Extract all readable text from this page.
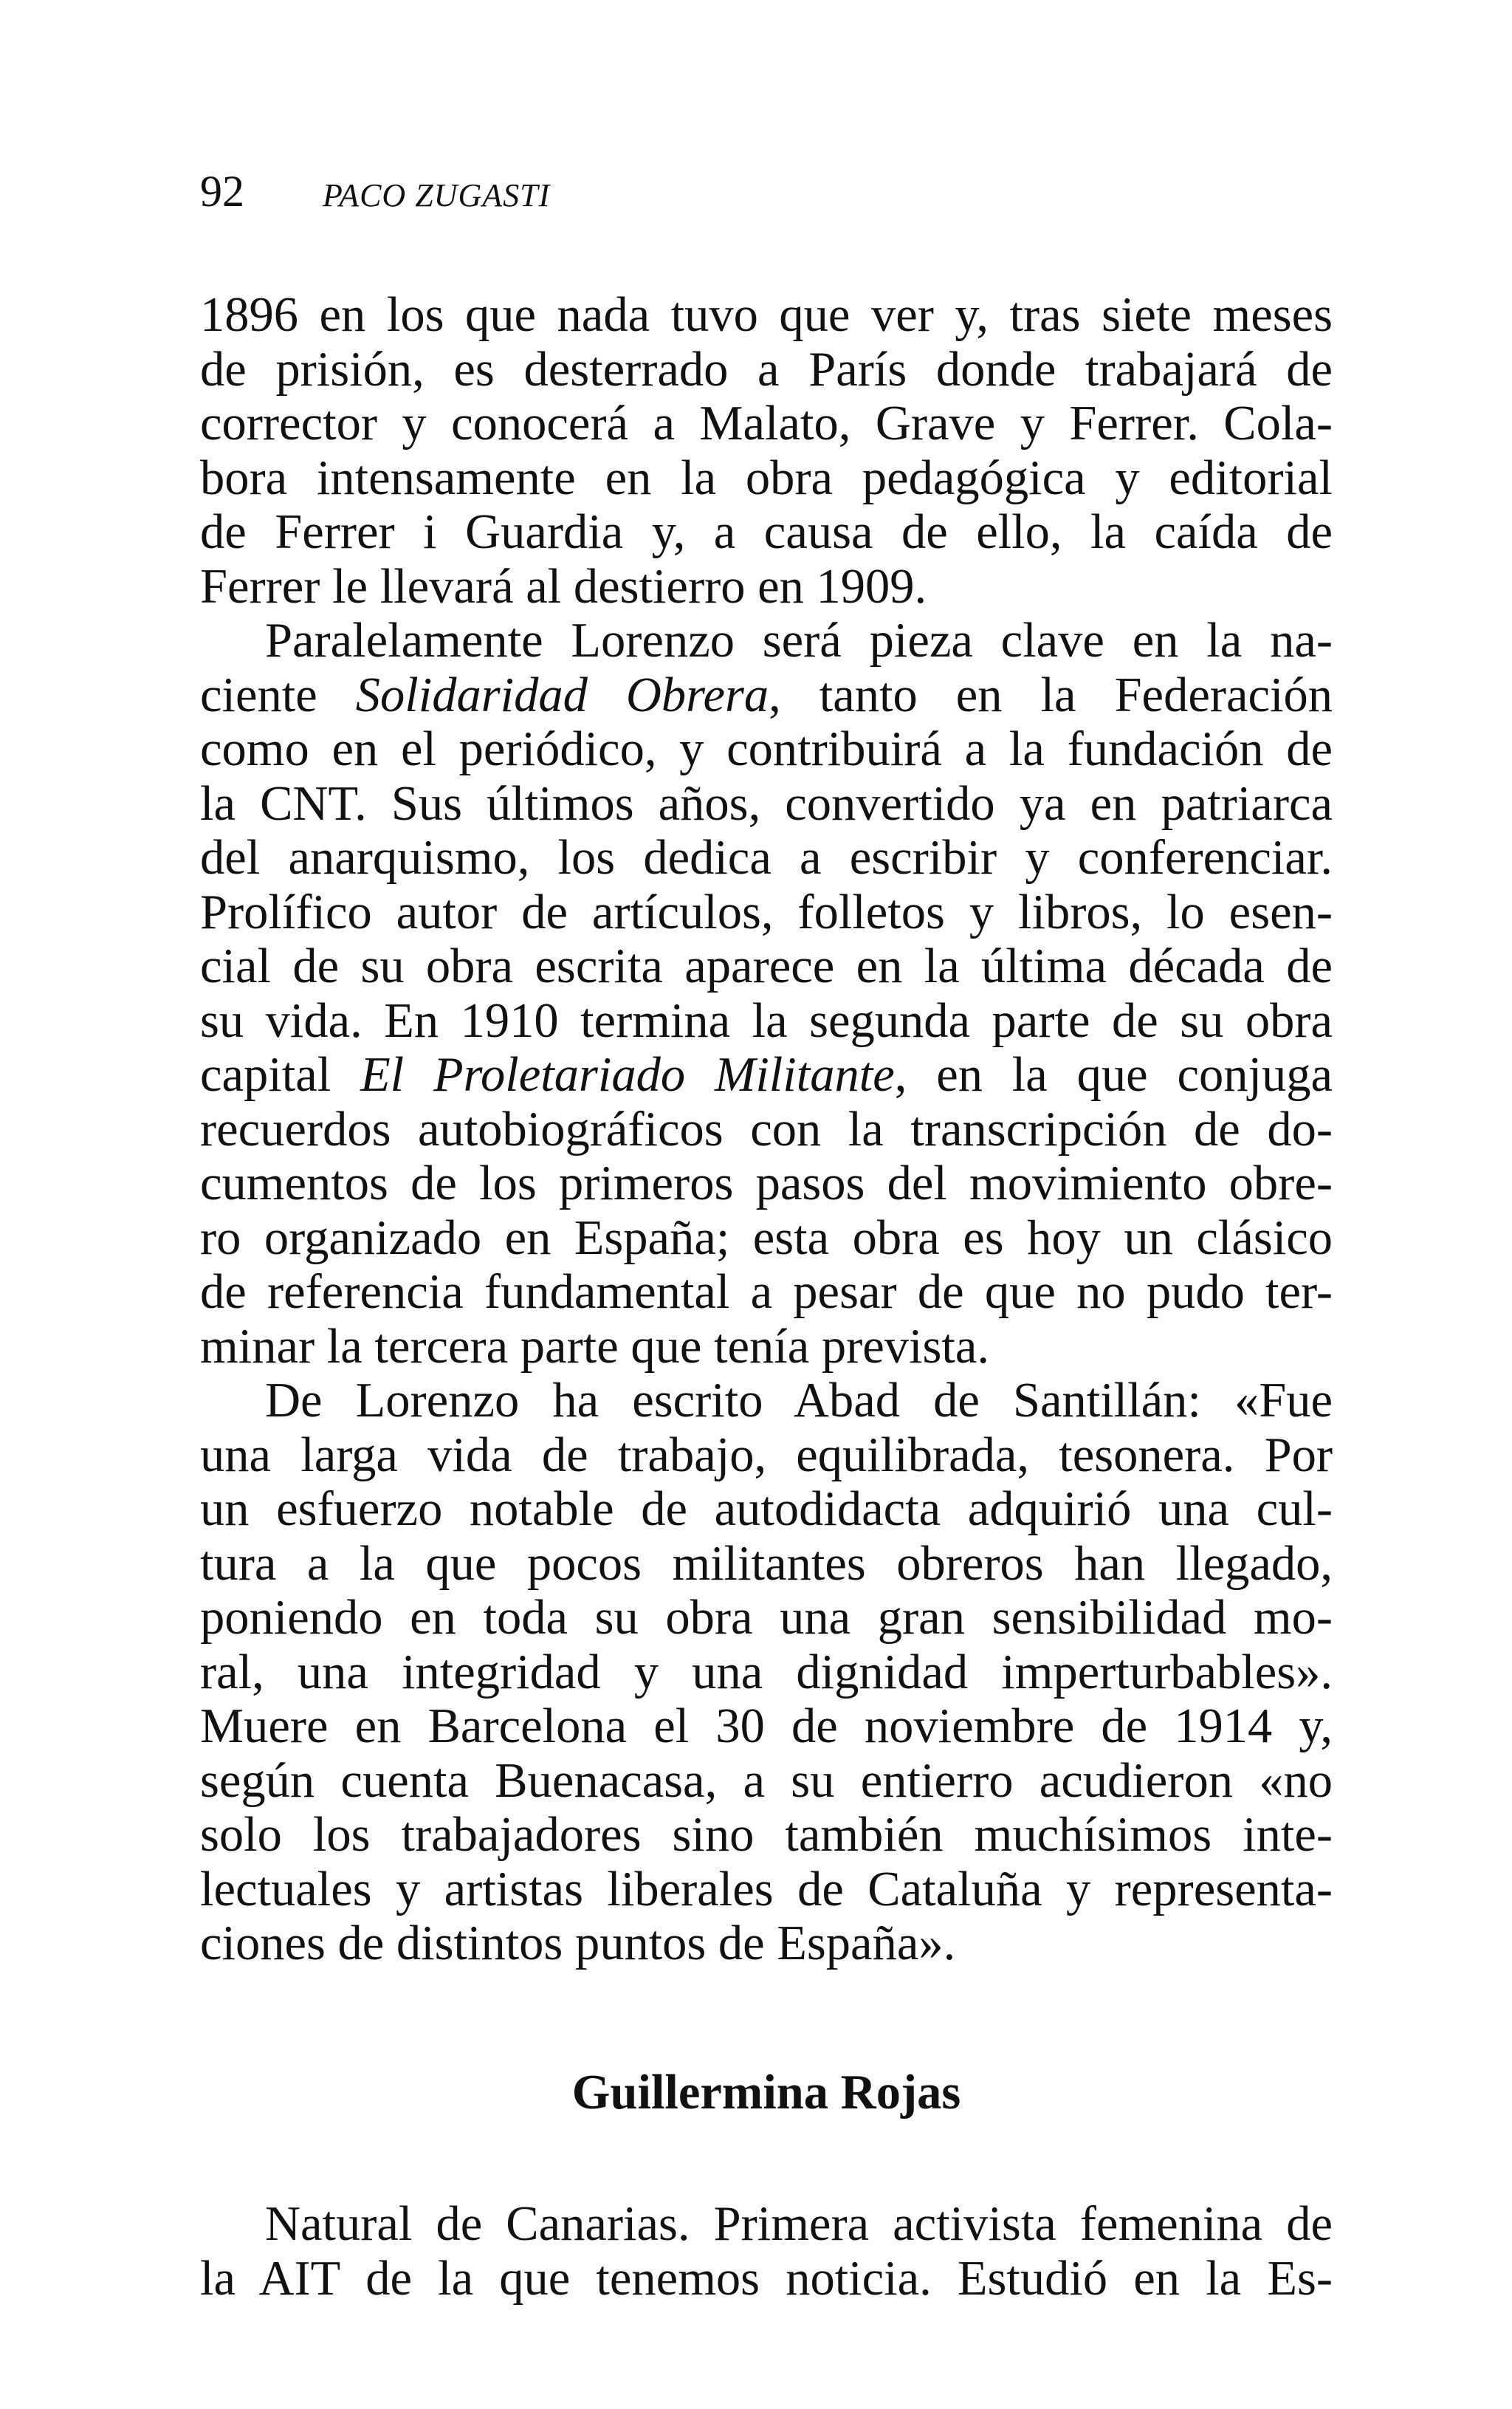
92 PACO ZUGASTI
1896 en los que nada tuvo que ver y, tras siete meses
de prisión, es desterrado a París donde trabajará de
corrector y conocerá a Malato, Grave y Ferrer. Cola-
bora intensamente en la obra pedagógica y editorial
de Ferrer i Guardia y, a causa de ello, la caída de
Ferrer le llevará al destierro en 1909.
Paralelamente Lorenzo será pieza clave en la na-
ciente Solidaridad Obrera, tanto en la Federación
como en el periódico, y contribuirá a la fundación de
la CNT. Sus últimos años, convertido ya en patriarca
del anarquismo, los dedica a escribir y conferenciar.
Prolífico autor de artículos, folletos y libros, lo esen-
cial de su obra escrita aparece en la última década de
su vida. En 1910 termina la segunda parte de su obra
capital El Proletariado Militante, en la que conjuga
recuerdos autobiográficos con la transcripción de do-
cumentos de los primeros pasos del movimiento obre-
ro organizado en España; esta obra es hoy un clásico
de referencia fundamental a pesar de que no pudo ter-
minar la tercera parte que tenía prevista.
De Lorenzo ha escrito Abad de Santillán: «Fue
una larga vida de trabajo, equilibrada, tesonera. Por
un esfuerzo notable de autodidacta adquirió una cul-
tura a la que pocos militantes obreros han llegado,
poniendo en toda su obra una gran sensibilidad mo-
ral, una integridad y una dignidad imperturbables».
Muere en Barcelona el 30 de noviembre de 1914 y,
según cuenta Buenacasa, a su entierro acudieron «no
solo los trabajadores sino también muchísimos inte-
lectuales y artistas liberales de Cataluña y representa-
ciones de distintos puntos de España».
Guillermina Rojas
Natural de Canarias. Primera activista femenina de
la AIT de la que tenemos noticia. Estudió en la Es-
